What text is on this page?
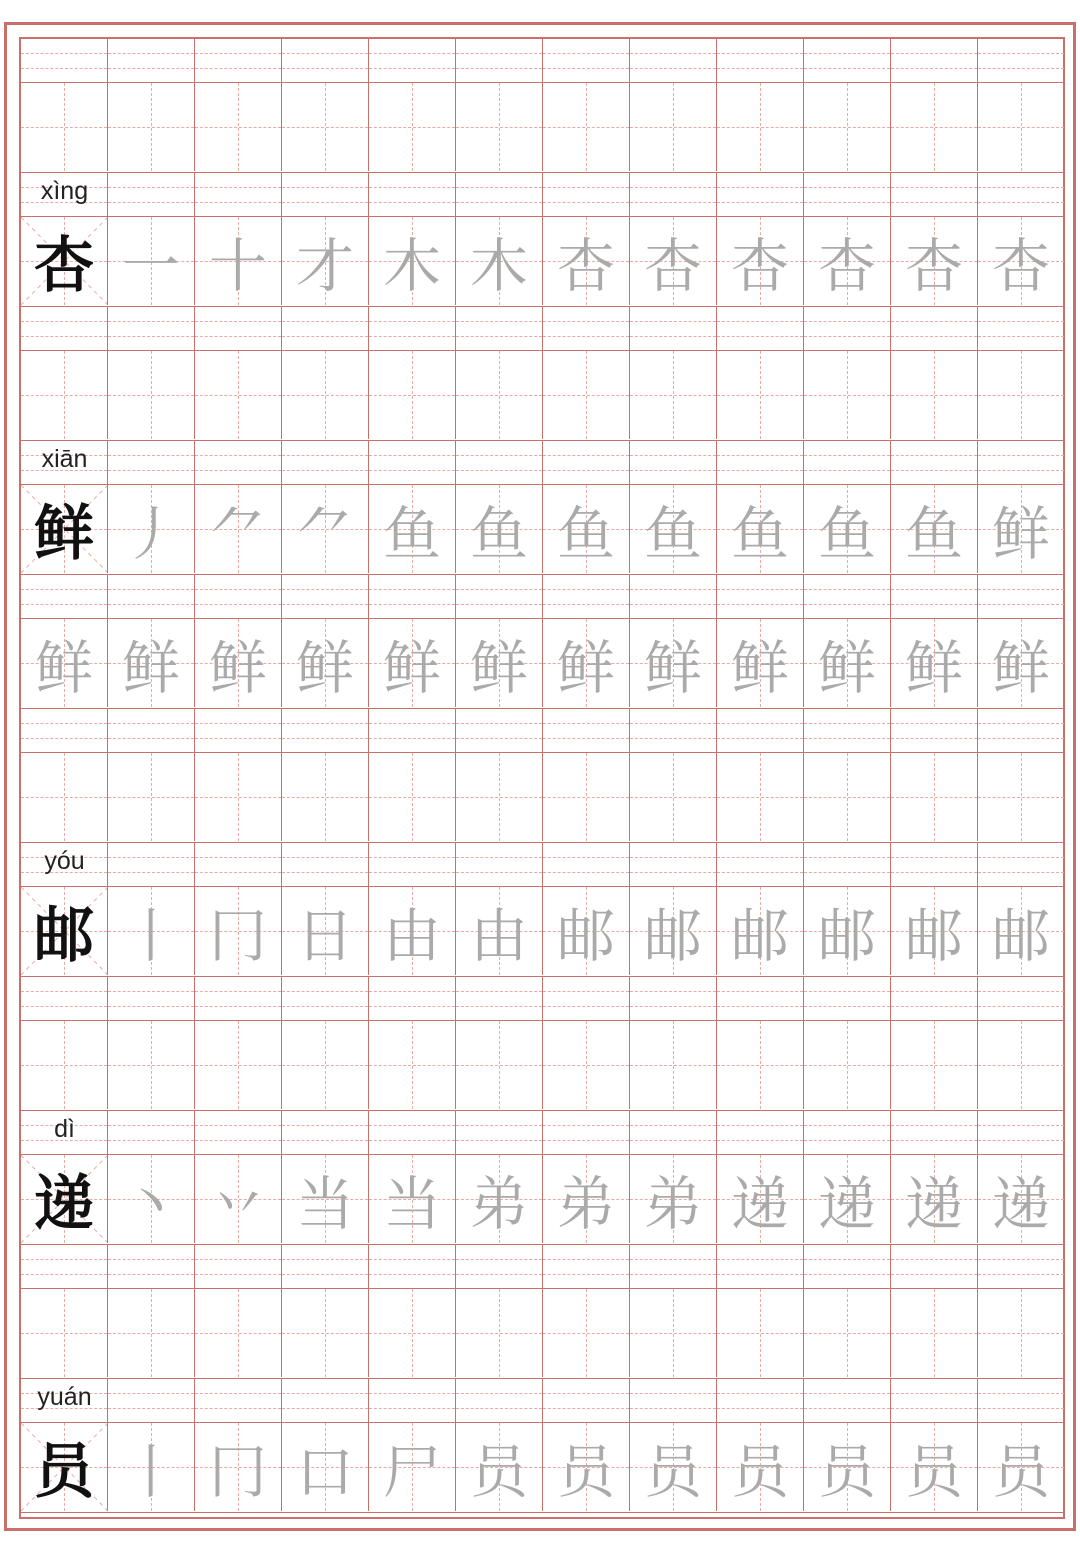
xìng
杏 一 十 才 木 木 杏 杏 杏 杏 杏 杏
xiān
鲜 丿 ⺈ ⺈ 鱼 鱼 鱼 鱼 鱼 鱼 鱼 鲜
鲜 鲜 鲜 鲜 鲜 鲜 鲜 鲜 鲜 鲜 鲜 鲜
yóu
邮 丨 冂 日 由 由 邮 邮 邮 邮 邮 邮
dì
递 丶 丷 当 当 弟 弟 弟 递 递 递 递
yuán
员 丨 冂 口 尸 员 员 员 员 员 员 员
